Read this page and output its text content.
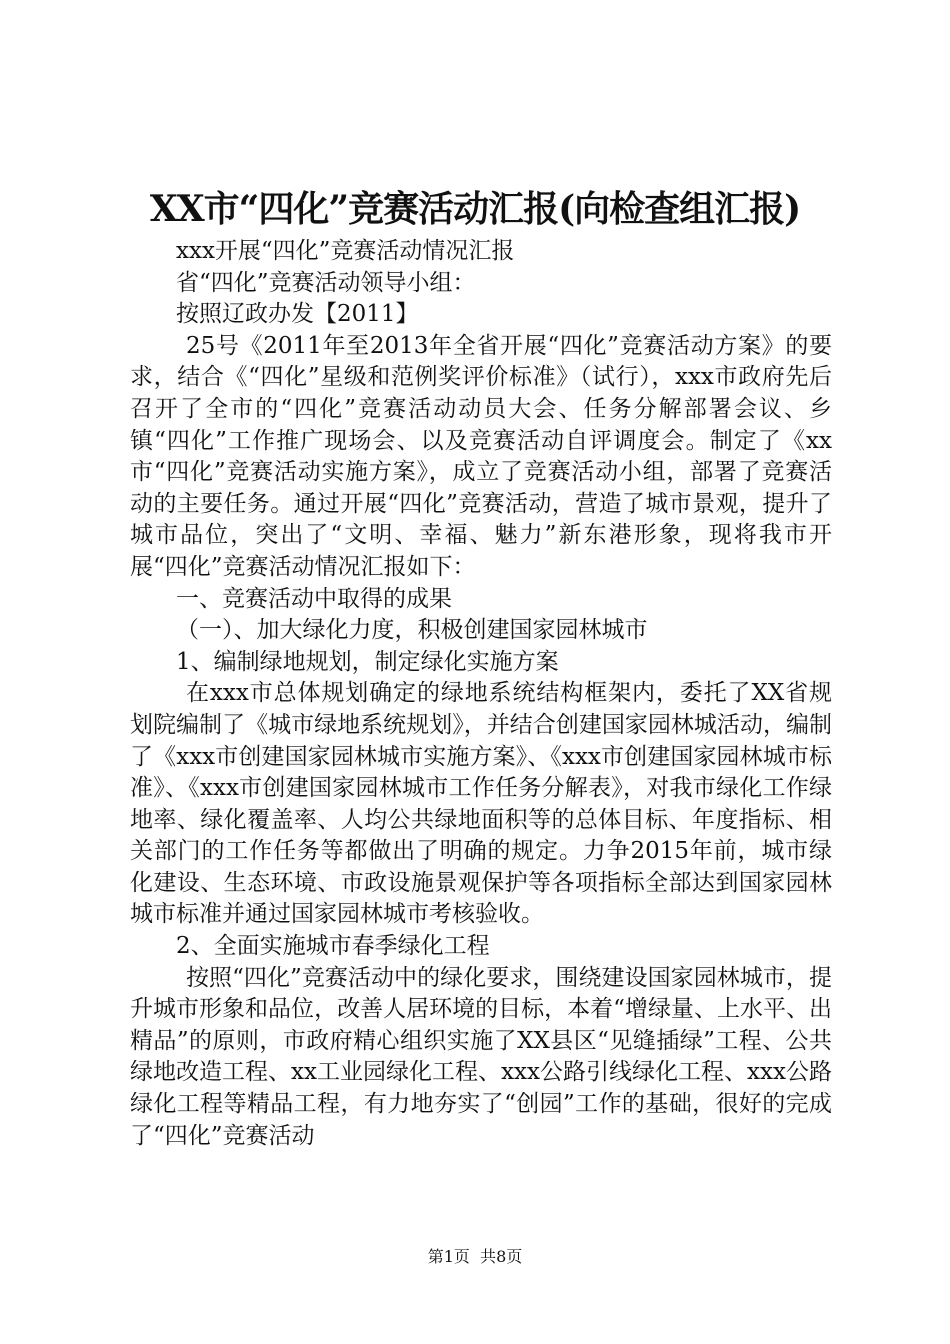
XX市“四化”竞赛活动汇报(向检查组汇报)

xxx开展“四化”竞赛活动情况汇报

省“四化”竞赛活动领导小组：

按照辽政办发【2011】

25号《2011年至2013年全省开展“四化”竞赛活动方案》的要求，结合《“四化”星级和范例奖评价标准》（试行），xxx市政府先后召开了全市的“四化”竞赛活动动员大会、任务分解部署会议、乡镇“四化”工作推广现场会、以及竞赛活动自评调度会。制定了《xx市“四化”竞赛活动实施方案》，成立了竞赛活动小组，部署了竞赛活动的主要任务。通过开展“四化”竞赛活动，营造了城市景观，提升了城市品位，突出了“文明、幸福、魅力”新东港形象，现将我市开展“四化”竞赛活动情况汇报如下：

一、竞赛活动中取得的成果

（一）、加大绿化力度，积极创建国家园林城市

1、编制绿地规划，制定绿化实施方案

在xxx市总体规划确定的绿地系统结构框架内，委托了XX省规划院编制了《城市绿地系统规划》，并结合创建国家园林城活动，编制了《xxx市创建国家园林城市实施方案》、《xxx市创建国家园林城市标准》、《xxx市创建国家园林城市工作任务分解表》，对我市绿化工作绿地率、绿化覆盖率、人均公共绿地面积等的总体目标、年度指标、相关部门的工作任务等都做出了明确的规定。力争2015年前，城市绿化建设、生态环境、市政设施景观保护等各项指标全部达到国家园林城市标准并通过国家园林城市考核验收。

2、全面实施城市春季绿化工程

按照“四化”竞赛活动中的绿化要求，围绕建设国家园林城市，提升城市形象和品位，改善人居环境的目标，本着“增绿量、上水平、出精品”的原则，市政府精心组织实施了XX县区“见缝插绿”工程、公共绿地改造工程、xx工业园绿化工程、xxx公路引线绿化工程、xxx公路绿化工程等精品工程，有力地夯实了“创园”工作的基础，很好的完成了“四化”竞赛活动

第1页  共8页
